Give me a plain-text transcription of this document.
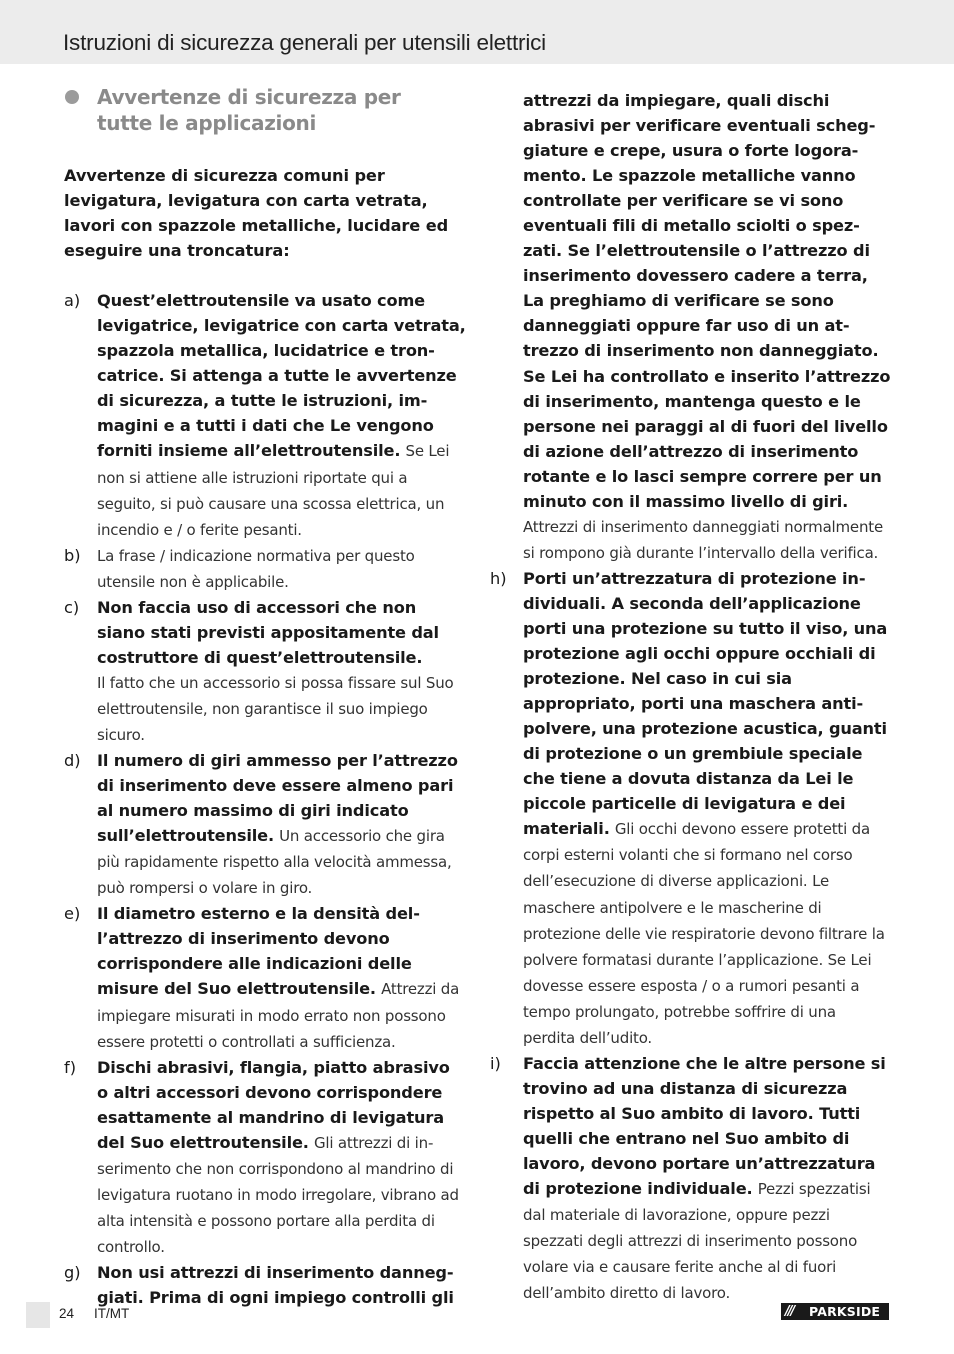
Istruzioni di sicurezza generali per utensili elettrici
Avvertenze di sicurezza per tutte le applicazioni

Avvertenze di sicurezza comuni per levigatura, levigatura con carta vetrata, lavori con spazzole metalliche, lucidare ed eseguire una troncatura:

a) Quest’elettroutensile va usato come levigatrice, levigatrice con carta vetrata, spazzola metallica, lucidatrice e troncatrice. Si attenga a tutte le avvertenze di sicurezza, a tutte le istruzioni, immagini e a tutti i dati che Le vengono forniti insieme all’elettroutensile. Se Lei non si attiene alle istruzioni riportate qui a seguito, si può causare una scossa elettrica, un incendio e / o ferite pesanti.

b) La frase / indicazione normativa per questo utensile non è applicabile.

c) Non faccia uso di accessori che non siano stati previsti appositamente dal costruttore di quest’elettroutensile.
Il fatto che un accessorio si possa fissare sul Suo elettroutensile, non garantisce il suo impiego sicuro.

d) Il numero di giri ammesso per l’attrezzo di inserimento deve essere almeno pari al numero massimo di giri indicato sull’elettroutensile. Un accessorio che gira più rapidamente rispetto alla velocità ammessa, può rompersi o volare in giro.

e) Il diametro esterno e la densità dell’attrezzo di inserimento devono corrispondere alle indicazioni delle misure del Suo elettroutensile. Attrezzi da impiegare misurati in modo errato non possono essere protetti o controllati a sufficienza.

f) Dischi abrasivi, flangia, piatto abrasivo o altri accessori devono corrispondere esattamente al mandrino di levigatura del Suo elettroutensile. Gli attrezzi di inserimento che non corrispondono al mandrino di levigatura ruotano in modo irregolare, vibrano ad alta intensità e possono portare alla perdita di controllo.

g) Non usi attrezzi di inserimento danneggiati. Prima di ogni impiego controlli gli

attrezzi da impiegare, quali dischi abrasivi per verificare eventuali scheggiature e crepe, usura o forte logoramento. Le spazzole metalliche vanno controllate per verificare se vi sono eventuali fili di metallo sciolti o spezzati. Se l’elettroutensile o l’attrezzo di inserimento dovessero cadere a terra, La preghiamo di verificare se sono danneggiati oppure far uso di un attrezzo di inserimento non danneggiato. Se Lei ha controllato e inserito l’attrezzo di inserimento, mantenga questo e le persone nei paraggi al di fuori del livello di azione dell’attrezzo di inserimento rotante e lo lasci sempre correre per un minuto con il massimo livello di giri.
Attrezzi di inserimento danneggiati normalmente si rompono già durante l’intervallo della verifica.

h) Porti un’attrezzatura di protezione individuali. A seconda dell’applicazione porti una protezione su tutto il viso, una protezione agli occhi oppure occhiali di protezione. Nel caso in cui sia appropriato, porti una maschera antipolvere, una protezione acustica, guanti di protezione o un grembiule speciale che tiene a dovuta distanza da Lei le piccole particelle di levigatura e dei materiali. Gli occhi devono essere protetti da corpi esterni volanti che si formano nel corso dell’esecuzione di diverse applicazioni. Le maschere antipolvere e le mascherine di protezione delle vie respiratorie devono filtrare la polvere formatasi durante l’applicazione. Se Lei dovesse essere esposta / o a rumori pesanti a tempo prolungato, potrebbe soffrire di una perdita dell’udito.

i) Faccia attenzione che le altre persone si trovino ad una distanza di sicurezza rispetto al Suo ambito di lavoro. Tutti quelli che entrano nel Suo ambito di lavoro, devono portare un’attrezzatura di protezione individuale. Pezzi spezzatisi dal materiale di lavorazione, oppure pezzi spezzati degli attrezzi di inserimento possono volare via e causare ferite anche al di fuori dell’ambito diretto di lavoro.

24 IT/MT	///	PARKSIDE
